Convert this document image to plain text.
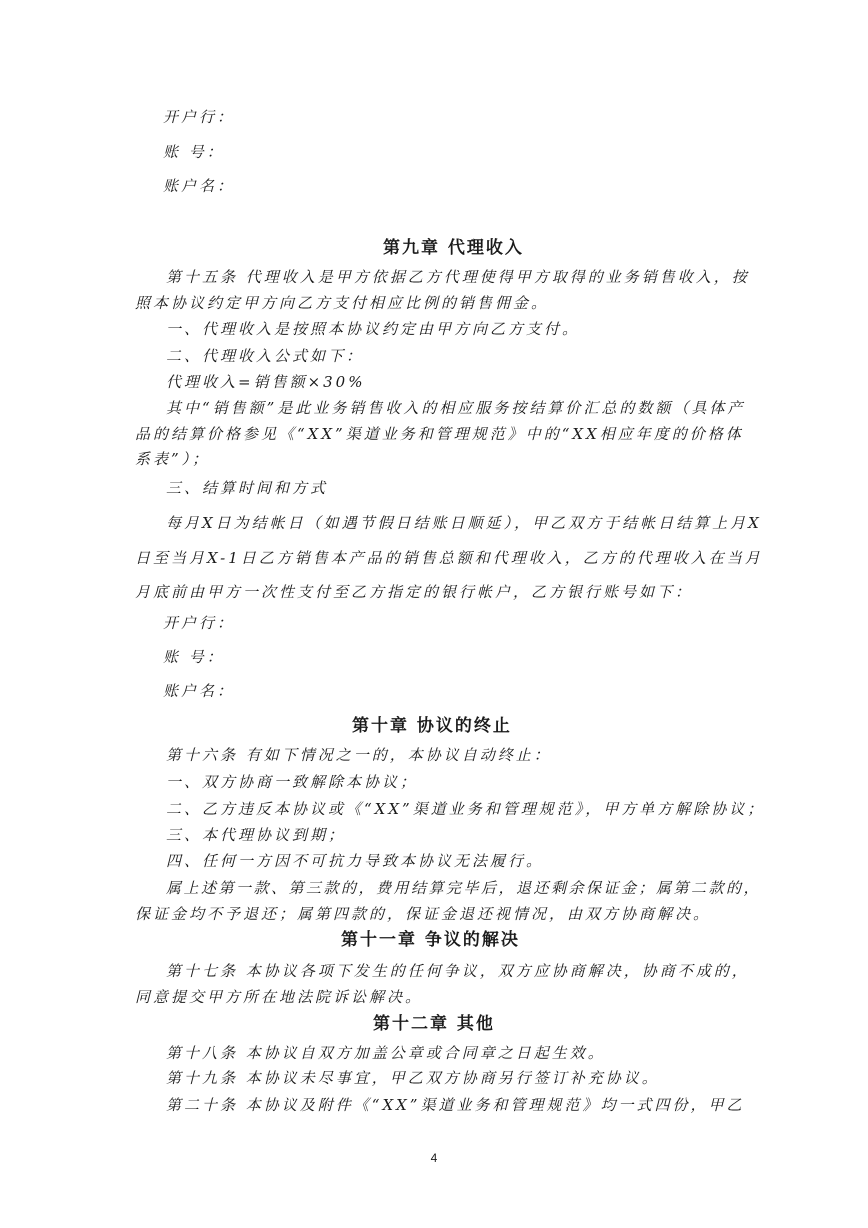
开户行：
账 号：
账户名：
第九章 代理收入
第十五条 代理收入是甲方依据乙方代理使得甲方取得的业务销售收入，按
照本协议约定甲方向乙方支付相应比例的销售佣金。
一、代理收入是按照本协议约定由甲方向乙方支付。
二、代理收入公式如下：
代理收入=销售额×30%
其中“销售额”是此业务销售收入的相应服务按结算价汇总的数额（具体产
品的结算价格参见《“XX”渠道业务和管理规范》中的“XX相应年度的价格体
系表”）；
三、结算时间和方式
每月X日为结帐日（如遇节假日结账日顺延），甲乙双方于结帐日结算上月X
日至当月X-1日乙方销售本产品的销售总额和代理收入，乙方的代理收入在当月
月底前由甲方一次性支付至乙方指定的银行帐户，乙方银行账号如下：
开户行：
账 号：
账户名：
第十章 协议的终止
第十六条 有如下情况之一的，本协议自动终止：
一、双方协商一致解除本协议；
二、乙方违反本协议或《“XX”渠道业务和管理规范》，甲方单方解除协议；
三、本代理协议到期；
四、任何一方因不可抗力导致本协议无法履行。
属上述第一款、第三款的，费用结算完毕后，退还剩余保证金；属第二款的，
保证金均不予退还；属第四款的，保证金退还视情况，由双方协商解决。
第十一章 争议的解决
第十七条 本协议各项下发生的任何争议，双方应协商解决，协商不成的，
同意提交甲方所在地法院诉讼解决。
第十二章 其他
第十八条 本协议自双方加盖公章或合同章之日起生效。
第十九条 本协议未尽事宜，甲乙双方协商另行签订补充协议。
第二十条 本协议及附件《“XX”渠道业务和管理规范》均一式四份，甲乙
4
